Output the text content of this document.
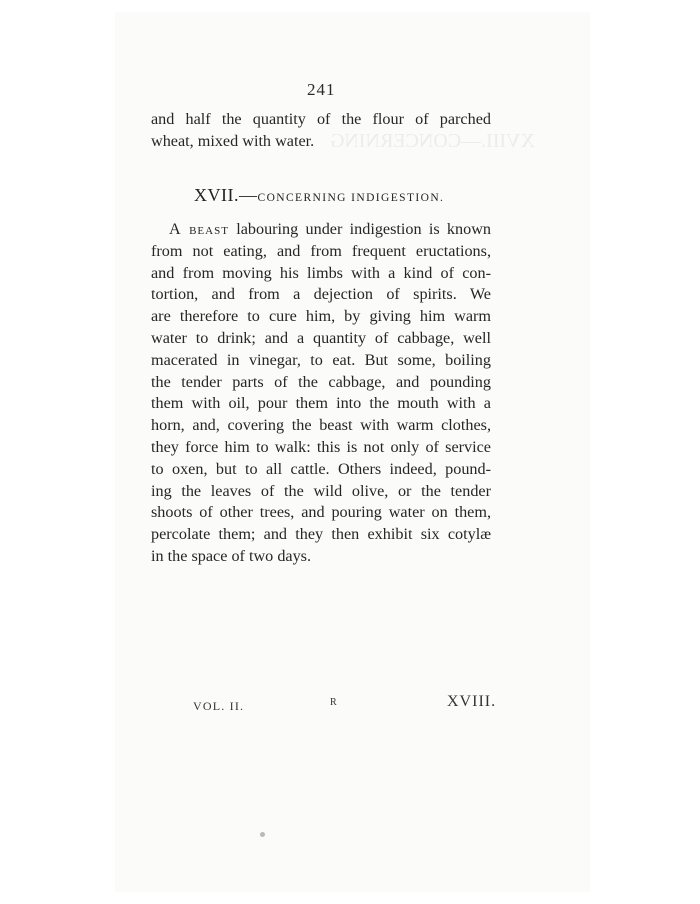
XVIII.—CONCERNING
241
and half the quantity of the flour of parched
wheat, mixed with water.
XVII.—CONCERNING INDIGESTION.
A beast labouring under indigestion is known
from not eating, and from frequent eructations,
and from moving his limbs with a kind of con-
tortion, and from a dejection of spirits. We
are therefore to cure him, by giving him warm
water to drink; and a quantity of cabbage, well
macerated in vinegar, to eat. But some, boiling
the tender parts of the cabbage, and pounding
them with oil, pour them into the mouth with a
horn, and, covering the beast with warm clothes,
they force him to walk: this is not only of service
to oxen, but to all cattle. Others indeed, pound-
ing the leaves of the wild olive, or the tender
shoots of other trees, and pouring water on them,
percolate them; and they then exhibit six cotylæ
in the space of two days.
VOL. II.	R	XVIII.
